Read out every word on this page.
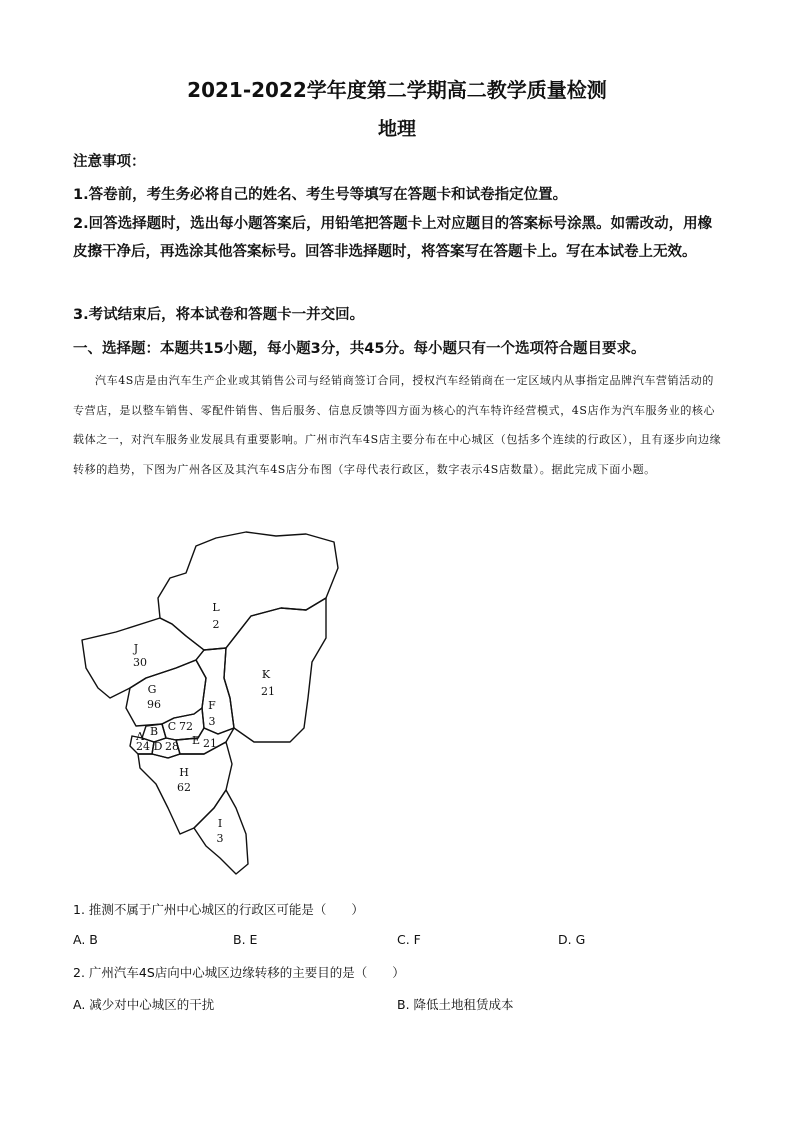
2021-2022学年度第二学期高二教学质量检测
地理
注意事项：
1.答卷前，考生务必将自己的姓名、考生号等填写在答题卡和试卷指定位置。
2.回答选择题时，选出每小题答案后，用铅笔把答题卡上对应题目的答案标号涂黑。如需改动，用橡皮擦干净后，再选涂其他答案标号。回答非选择题时，将答案写在答题卡上。写在本试卷上无效。
3.考试结束后，将本试卷和答题卡一并交回。
一、选择题：本题共15小题，每小题3分，共45分。每小题只有一个选项符合题目要求。
汽车4S店是由汽车生产企业或其销售公司与经销商签订合同，授权汽车经销商在一定区域内从事指定品牌汽车营销活动的专营店，是以整车销售、零配件销售、售后服务、信息反馈等四方面为核心的汽车特许经营模式，4S店作为汽车服务业的核心载体之一，对汽车服务业发展具有重要影响。广州市汽车4S店主要分布在中心城区（包括多个连续的行政区），且有逐步向边缘转移的趋势，下图为广州各区及其汽车4S店分布图（字母代表行政区，数字表示4S店数量）。据此完成下面小题。
L
2
J
30
K
21
G
96	F
3
B C 72
A
24 D 28 E 21
H
62
I
3
1. 推测不属于广州中心城区的行政区可能是（　　）
A. B	B. E	C. F	D. G
2. 广州汽车4S店向中心城区边缘转移的主要目的是（　　）
A. 减少对中心城区的干扰	B. 降低土地租赁成本
